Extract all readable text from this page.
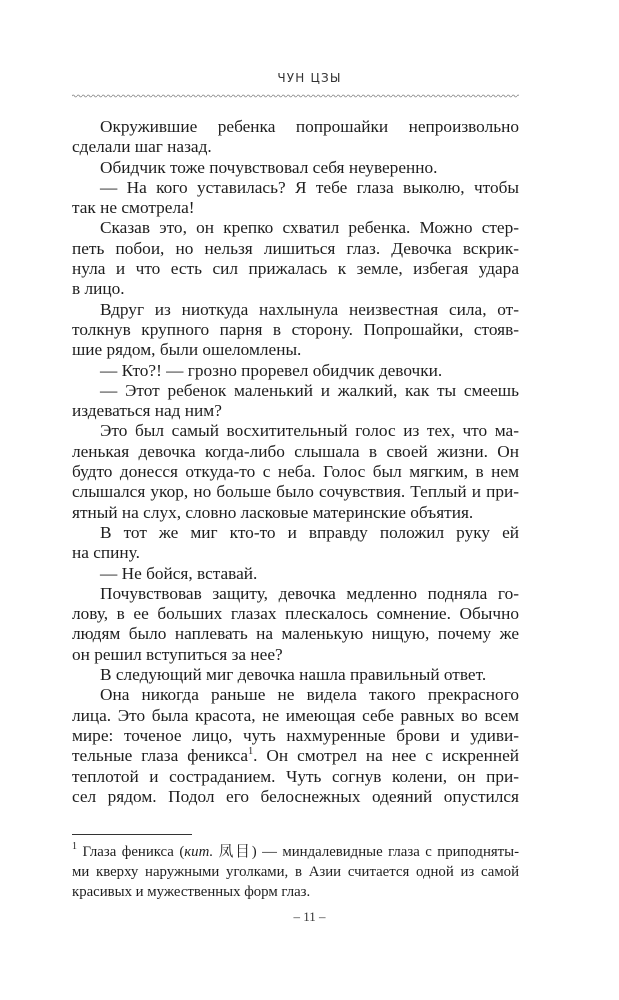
ЧУН ЦЗЫ
Окружившие ребенка попрошайки непроизвольно
сделали шаг назад.
Обидчик тоже почувствовал себя неуверенно.
— На кого уставилась? Я тебе глаза выколю, чтобы
так не смотрела!
Сказав это, он крепко схватил ребенка. Можно стер-
петь побои, но нельзя лишиться глаз. Девочка вскрик-
нула и что есть сил прижалась к земле, избегая удара
в лицо.
Вдруг из ниоткуда нахлынула неизвестная сила, от-
толкнув крупного парня в сторону. Попрошайки, стояв-
шие рядом, были ошеломлены.
— Кто?! — грозно проревел обидчик девочки.
— Этот ребенок маленький и жалкий, как ты смеешь
издеваться над ним?
Это был самый восхитительный голос из тех, что ма-
ленькая девочка когда-либо слышала в своей жизни. Он
будто донесся откуда-то с неба. Голос был мягким, в нем
слышался укор, но больше было сочувствия. Теплый и при-
ятный на слух, словно ласковые материнские объятия.
В тот же миг кто-то и вправду положил руку ей
на спину.
— Не бойся, вставай.
Почувствовав защиту, девочка медленно подняла го-
лову, в ее больших глазах плескалось сомнение. Обычно
людям было наплевать на маленькую нищую, почему же
он решил вступиться за нее?
В следующий миг девочка нашла правильный ответ.
Она никогда раньше не видела такого прекрасного
лица. Это была красота, не имеющая себе равных во всем
мире: точеное лицо, чуть нахмуренные брови и удиви-
тельные глаза феникса$^1$. Он смотрел на нее с искренней
теплотой и состраданием. Чуть согнув колени, он при-
сел рядом. Подол его белоснежных одеяний опустился
$^1$ Глаза феникса (кит. 凤目) — миндалевидные глаза с приподняты-
ми кверху наружными уголками, в Азии считается одной из самой
красивых и мужественных форм глаз.
– 11 –
